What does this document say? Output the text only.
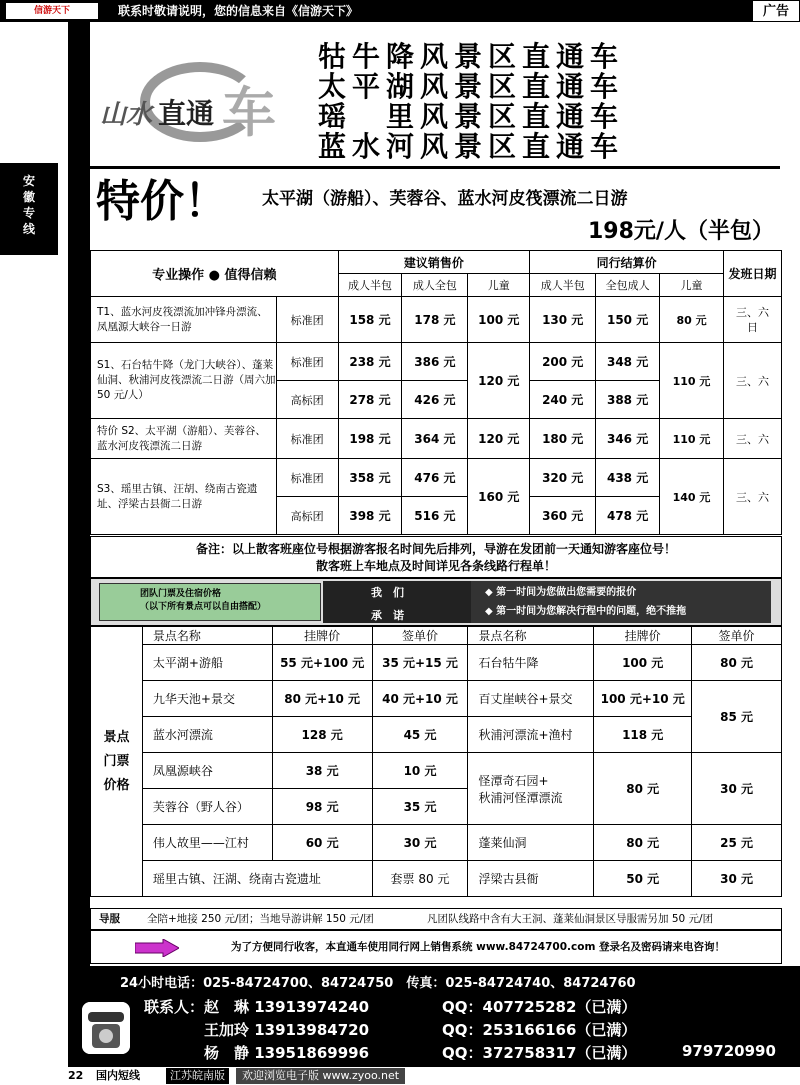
信游天下	联系时敬请说明，您的信息来自《信游天下》	广告
安
徽
专
线
山水 直通 车
牯牛降风景区直通车
太平湖风景区直通车
瑶　里风景区直通车
蓝水河风景区直通车
特价！ 太平湖（游船）、芙蓉谷、蓝水河皮筏漂流二日游
198元/人（半包）
专业操作 ● 值得信赖		建议销售价			同行结算价			发班日期
		成人半包	成人全包	儿童	成人半包	全包成人	儿童	
T1、蓝水河皮筏漂流加冲锋舟漂流、凤凰源大峡谷一日游	标准团	158 元	178 元	100 元	130 元	150 元	80 元	三、六日
S1、石台牯牛降（龙门大峡谷）、蓬莱仙洞、秋浦河皮筏漂流二日游（周六加 50 元/人）	标准团	238 元	386 元	120 元	200 元	348 元	110 元	三、六
	高标团	278 元	426 元		240 元	388 元		
特价 S2、太平湖（游船）、芙蓉谷、蓝水河皮筏漂流二日游	标准团	198 元	364 元	120 元	180 元	346 元	110 元	三、六
S3、瑶里古镇、汪胡、绕南古瓷遗址、浮梁古县衙二日游	标准团	358 元	476 元	160 元	320 元	438 元	140 元	三、六
	高标团	398 元	516 元		360 元	478 元		
备注：以上散客班座位号根据游客报名时间先后排列，导游在发团前一天通知游客座位号！
散客班上车地点及时间详见各条线路行程单！
团队门票及住宿价格
（以下所有景点可以自由搭配）
我　们
承　诺
◆ 第一时间为您做出您需要的报价
◆ 第一时间为您解决行程中的问题，绝不推拖
景点
门票
价格	景点名称	挂牌价	签单价	景点名称	挂牌价	签单价
	太平湖+游船	55 元+100 元	35 元+15 元	石台牯牛降	100 元	80 元
	九华天池+景交	80 元+10 元	40 元+10 元	百丈崖峡谷+景交	100 元+10 元	85 元
	蓝水河漂流	128 元	45 元	秋浦河漂流+渔村	118 元	
	凤凰源峡谷	38 元	10 元	怪潭奇石园+
秋浦河怪潭漂流	80 元	30 元
	芙蓉谷（野人谷）	98 元	35 元			
	伟人故里——江村	60 元	30 元	蓬莱仙洞	80 元	25 元
	瑶里古镇、汪湖、绕南古瓷遗址		套票 80 元	浮梁古县衙	50 元	30 元
导服	全陪+地接 250 元/团；当地导游讲解 150 元/团	凡团队线路中含有大王洞、蓬莱仙洞景区导服需另加 50 元/团
为了方便同行收客，本直通车使用同行网上销售系统 www.84724700.com 登录名及密码请来电咨询！
24小时电话：025-84724700、84724750　传真：025-84724740、84724760
联系人：赵　琳 13913974240
　　　　王加玲 13913984720
　　　　杨　静 13951869996
QQ：407725282（已满）
QQ：253166166（已满）
QQ：372758317（已满）	979720990
22 国内短线	江苏皖南版	欢迎浏览电子版 www.zyoo.net
